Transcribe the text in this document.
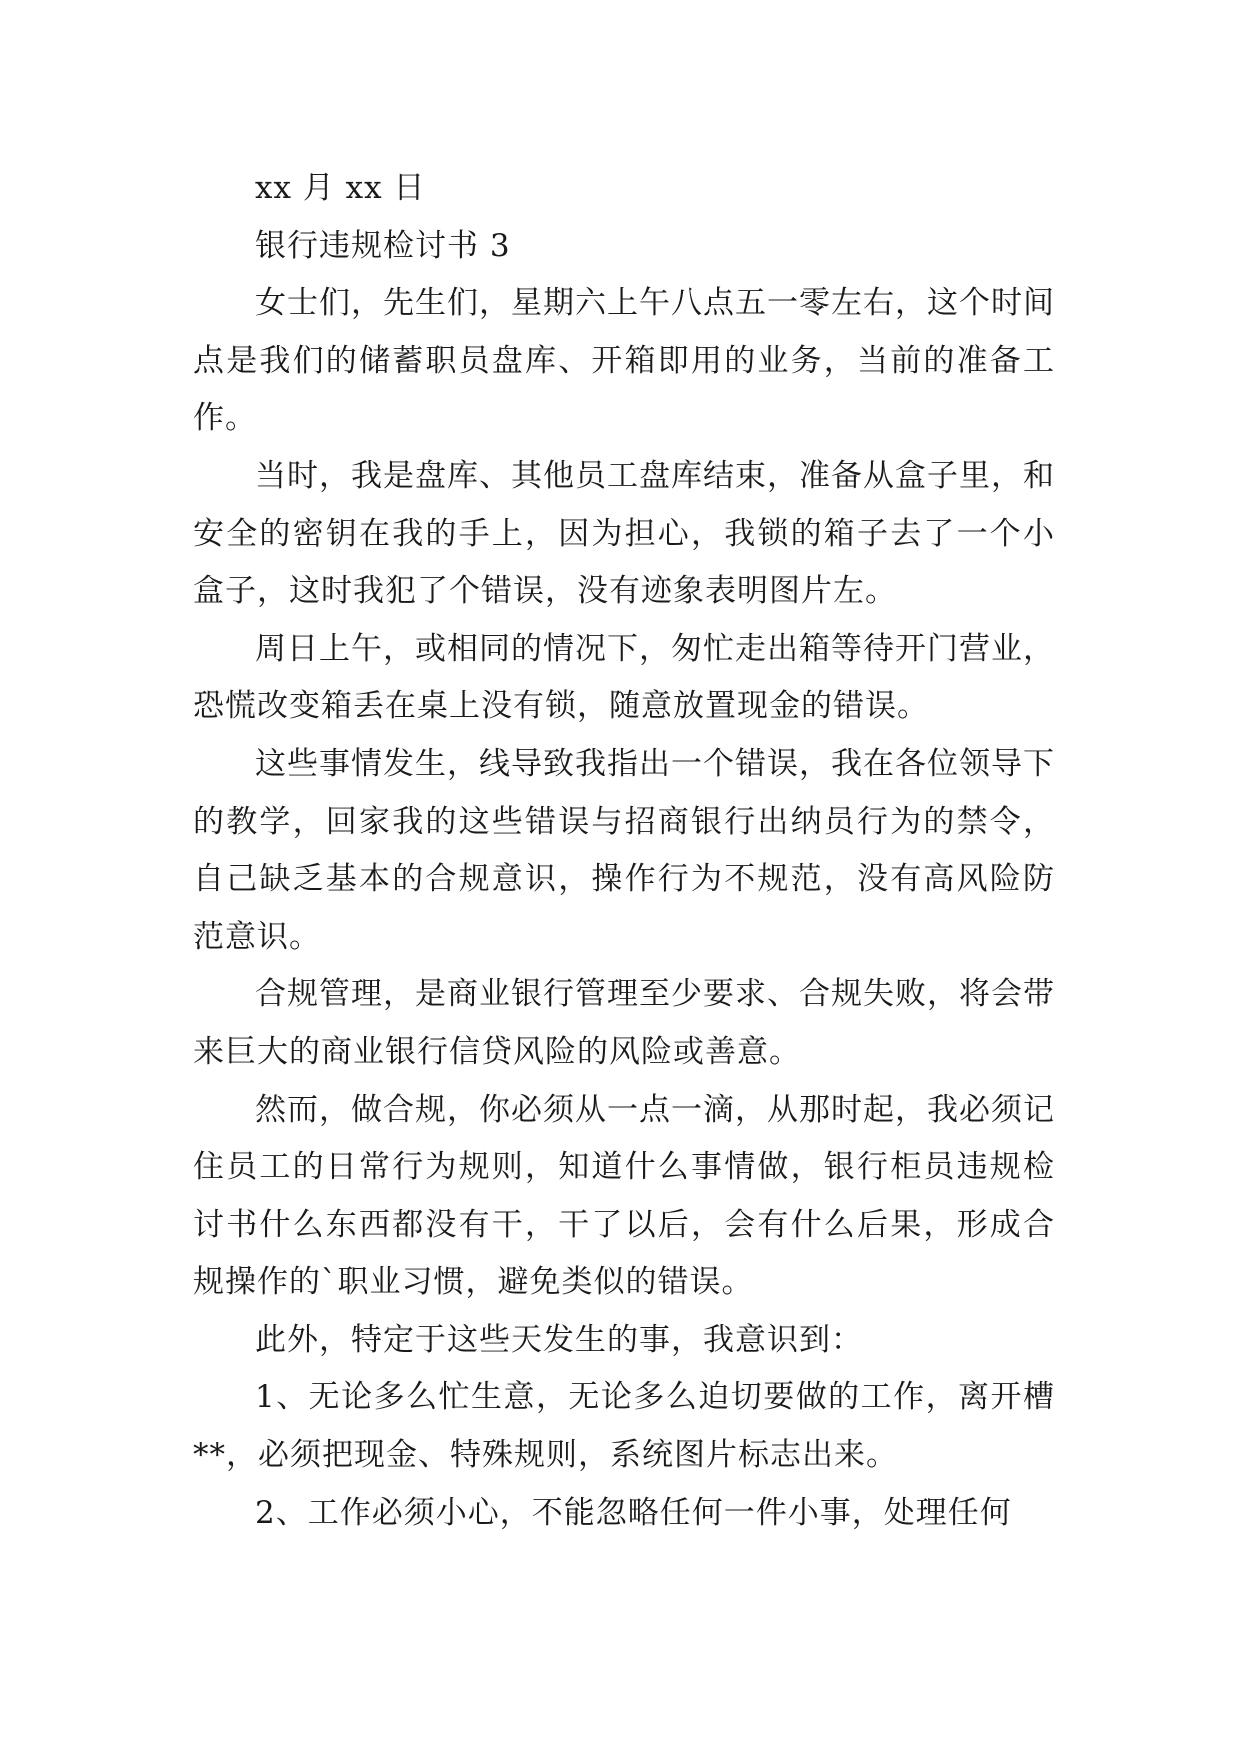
xx 月 xx 日

银行违规检讨书 3

女士们，先生们，星期六上午八点五一零左右，这个时间点是我们的储蓄职员盘库、开箱即用的业务，当前的准备工作。

当时，我是盘库、其他员工盘库结束，准备从盒子里，和安全的密钥在我的手上，因为担心，我锁的箱子去了一个小盒子，这时我犯了个错误，没有迹象表明图片左。

周日上午，或相同的情况下，匆忙走出箱等待开门营业，恐慌改变箱丢在桌上没有锁，随意放置现金的错误。

这些事情发生，线导致我指出一个错误，我在各位领导下的教学，回家我的这些错误与招商银行出纳员行为的禁令，自己缺乏基本的合规意识，操作行为不规范，没有高风险防范意识。

合规管理，是商业银行管理至少要求、合规失败，将会带来巨大的商业银行信贷风险的风险或善意。

然而，做合规，你必须从一点一滴，从那时起，我必须记住员工的日常行为规则，知道什么事情做，银行柜员违规检讨书什么东西都没有干，干了以后，会有什么后果，形成合规操作的`职业习惯，避免类似的错误。

此外，特定于这些天发生的事，我意识到：

1、无论多么忙生意，无论多么迫切要做的工作，离开槽**，必须把现金、特殊规则，系统图片标志出来。

2、工作必须小心，不能忽略任何一件小事，处理任何
